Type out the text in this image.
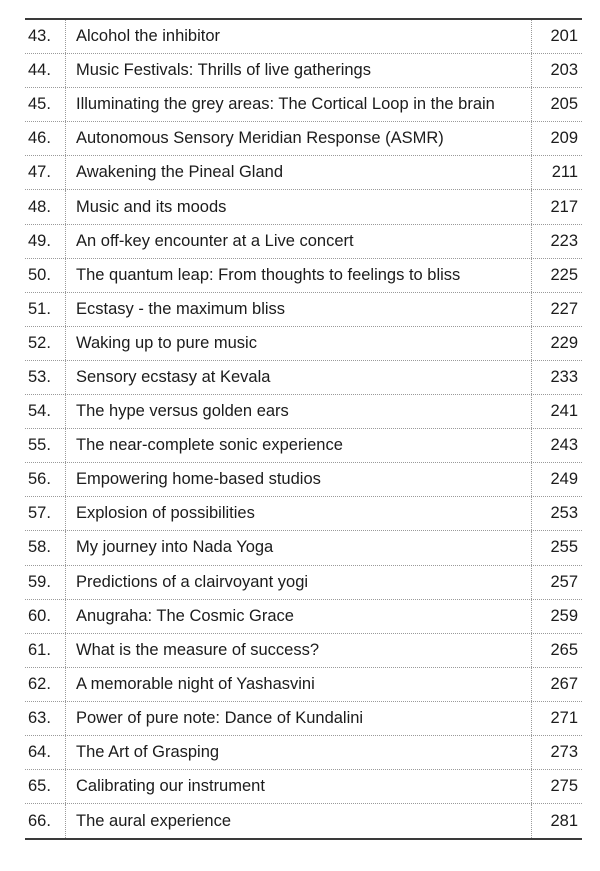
43.	Alcohol the inhibitor	201
44.	Music Festivals: Thrills of live gatherings	203
45.	Illuminating the grey areas: The Cortical Loop in the brain	205
46.	Autonomous Sensory Meridian Response (ASMR)	209
47.	Awakening the Pineal Gland	211
48.	Music and its moods	217
49.	An off-key encounter at a Live concert	223
50.	The quantum leap: From thoughts to feelings to bliss	225
51.	Ecstasy - the maximum bliss	227
52.	Waking up to pure music	229
53.	Sensory ecstasy at Kevala	233
54.	The hype versus golden ears	241
55.	The near-complete sonic experience	243
56.	Empowering home-based studios	249
57.	Explosion of possibilities	253
58.	My journey into Nada Yoga	255
59.	Predictions of a clairvoyant yogi	257
60.	Anugraha: The Cosmic Grace	259
61.	What is the measure of success?	265
62.	A memorable night of Yashasvini	267
63.	Power of pure note: Dance of Kundalini	271
64.	The Art of Grasping	273
65.	Calibrating our instrument	275
66.	The aural experience	281
